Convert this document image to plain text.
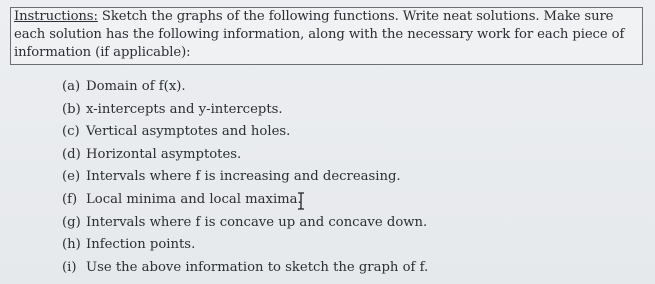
Instructions: Sketch the graphs of the following functions. Write neat solutions. Make sure each solution has the following information, along with the necessary work for each piece of information (if applicable):
(a) Domain of f(x).
(b) x-intercepts and y-intercepts.
(c) Vertical asymptotes and holes.
(d) Horizontal asymptotes.
(e) Intervals where f is increasing and decreasing.
(f) Local minima and local maxima.
(g) Intervals where f is concave up and concave down.
(h) Infection points.
(i) Use the above information to sketch the graph of f.
